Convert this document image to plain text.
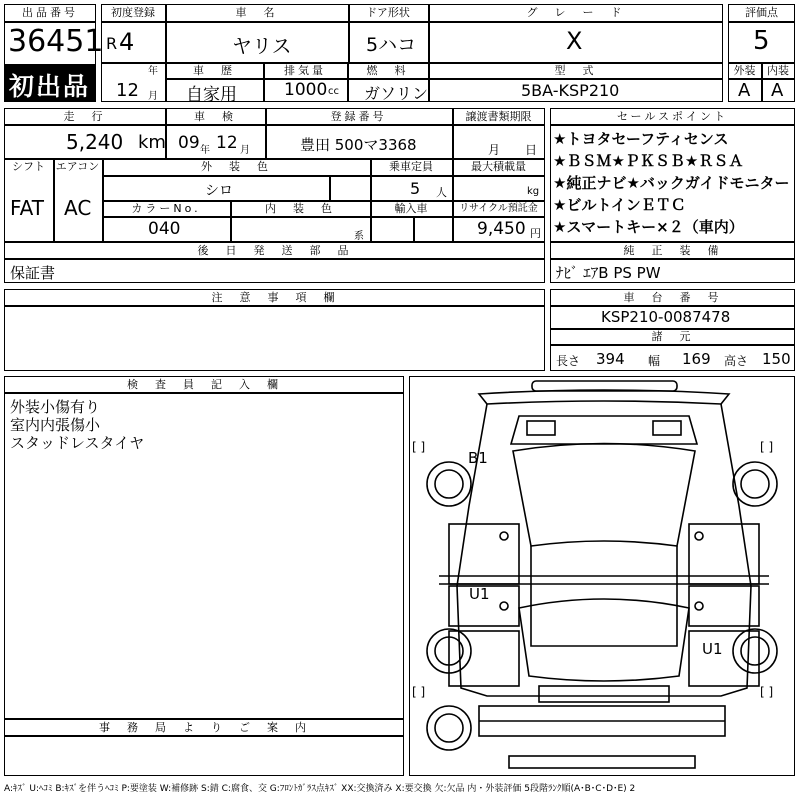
出品番号
36451
初出品
初度登録
R 4
年
12 月
車　名
ヤリス
ドア形状
5ハコ
グ　レ　ー　ド
X
車　歴
自家用
排気量
1000 cc
燃　料
ガソリン
型　式
5BA-KSP210
評価点
5
外装	内装
A A
走　行
5,240 km
車　検
09 年 12 月
登録番号
豊田 500マ3368
譲渡書類期限
月 日
シフト
FAT
エアコン
AC
外　装　色
シロ
乗車定員
5 人
最大積載量
kg
カラーNo.
040
内　装　色
系
輸入車	リサイクル預託金
9,450 円
セールスポイント
★トヨタセーフティセンス
★ＢＳＭ★ＰＫＳＢ★ＲＳＡ
★純正ナビ★バックガイドモニター
★ビルトインＥＴＣ
★スマートキー×２（車内）
後　日　発　送　部　品
保証書
純　正　装　備
ﾅﾋﾞ ｴｱB PS PW
注　意　事　項　欄	車　台　番　号
KSP210-0087478
諸　元
長さ 394 幅 169 高さ 150
検　査　員　記　入　欄
外装小傷有り
室内内張傷小
スタッドレスタイヤ
事　務　局　よ　り　ご　案　内
B1
U1
U1
[ ]	[ ]
[ ]	[ ]
A:ｷｽﾞ U:ﾍｺﾐ B:ｷｽﾞを伴うﾍｺﾐ P:要塗装 W:補修跡 S:錆 C:腐食、交 G:ﾌﾛﾝﾄｶﾞﾗｽ点ｷｽﾞ XX:交換済み X:要交換 欠:欠品 内・外装評価 5段階ﾗﾝｸ順(A･B･C･D･E) 2
